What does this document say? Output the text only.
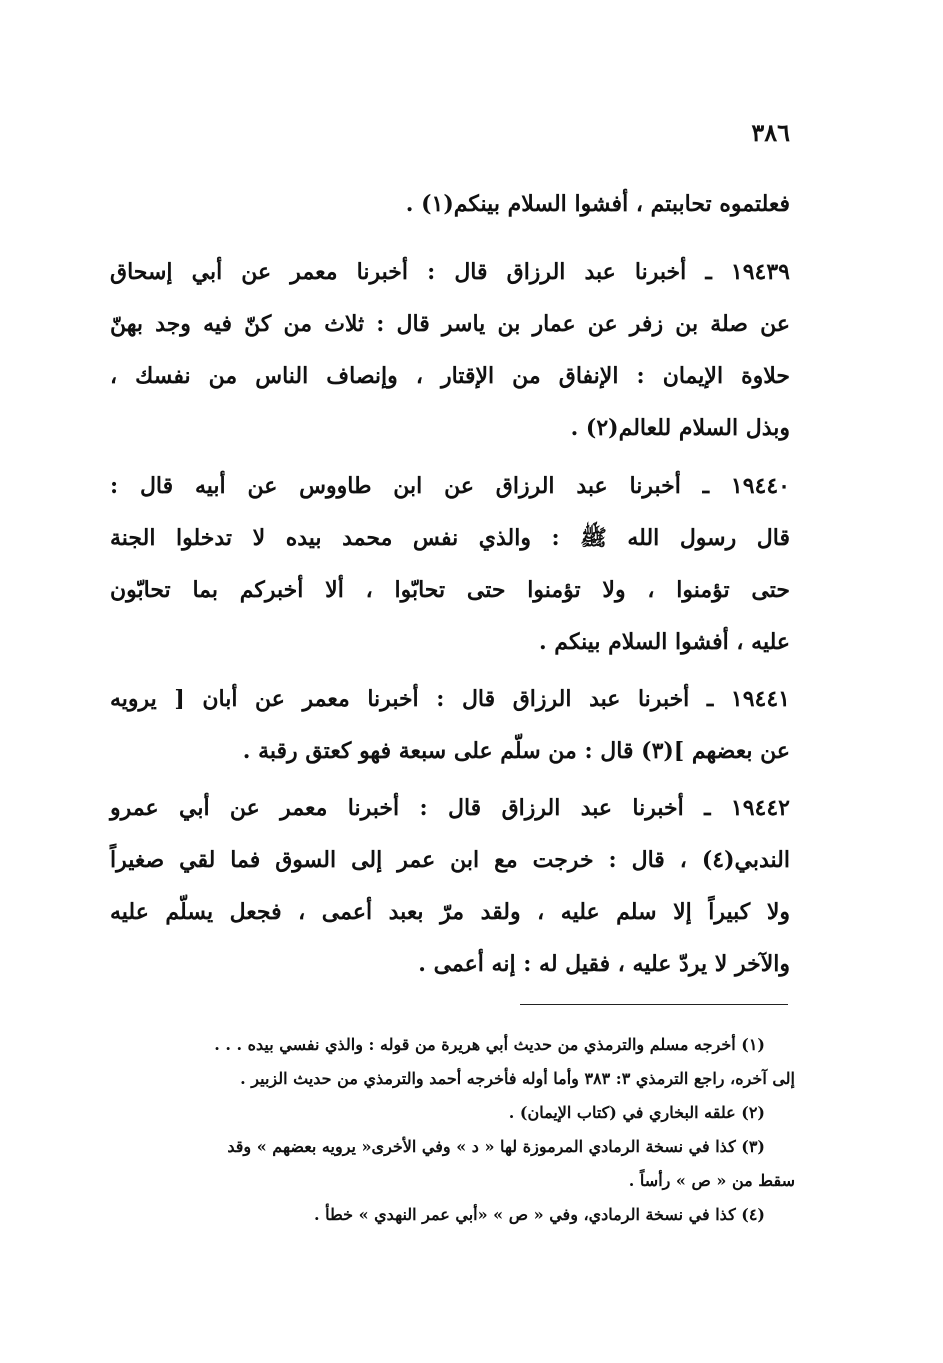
٣٨٦
فعلتموه تحاببتم ، أفشوا السلام بينكم(١) .
١٩٤٣٩ ـ أخبرنا عبد الرزاق قال : أخبرنا معمر عن أبي إسحاق
عن صلة بن زفر عن عمار بن ياسر قال : ثلاث من كنّ فيه وجد بهنّ
حلاوة الإيمان : الإنفاق من الإقتار ، وإنصاف الناس من نفسك ،
وبذل السلام للعالم(٢) .
١٩٤٤٠ ـ أخبرنا عبد الرزاق عن ابن طاووس عن أبيه قال :
قال رسول الله ﷺ : والذي نفس محمد بيده لا تدخلوا الجنة
حتى تؤمنوا ، ولا تؤمنوا حتى تحابّوا ، ألا أخبركم بما تحابّون
عليه ، أفشوا السلام بينكم .
١٩٤٤١ ـ أخبرنا عبد الرزاق قال : أخبرنا معمر عن أبان [ يرويه
عن بعضهم ](٣) قال : من سلّم على سبعة فهو كعتق رقبة .
١٩٤٤٢ ـ أخبرنا عبد الرزاق قال : أخبرنا معمر عن أبي عمرو
الندبي(٤) ، قال : خرجت مع ابن عمر إلى السوق فما لقي صغيراً
ولا كبيراً إلا سلم عليه ، ولقد مرّ بعبد أعمى ، فجعل يسلّم عليه
والآخر لا يردّ عليه ، فقيل له : إنه أعمى .
(١) أخرجه مسلم والترمذي من حديث أبي هريرة من قوله : والذي نفسي بيده . . .
إلى آخره، راجع الترمذي ٣: ٣٨٣ وأما أوله فأخرجه أحمد والترمذي من حديث الزبير .
(٢) علقه البخاري في (كتاب الإيمان) .
(٣) كذا في نسخة الرمادي المرموزة لها « د » وفي الأخرى« يرويه بعضهم » وقد
سقط من « ص » رأساً .
(٤) كذا في نسخة الرمادي، وفي « ص » «أبي عمر النهدي » خطأ .
